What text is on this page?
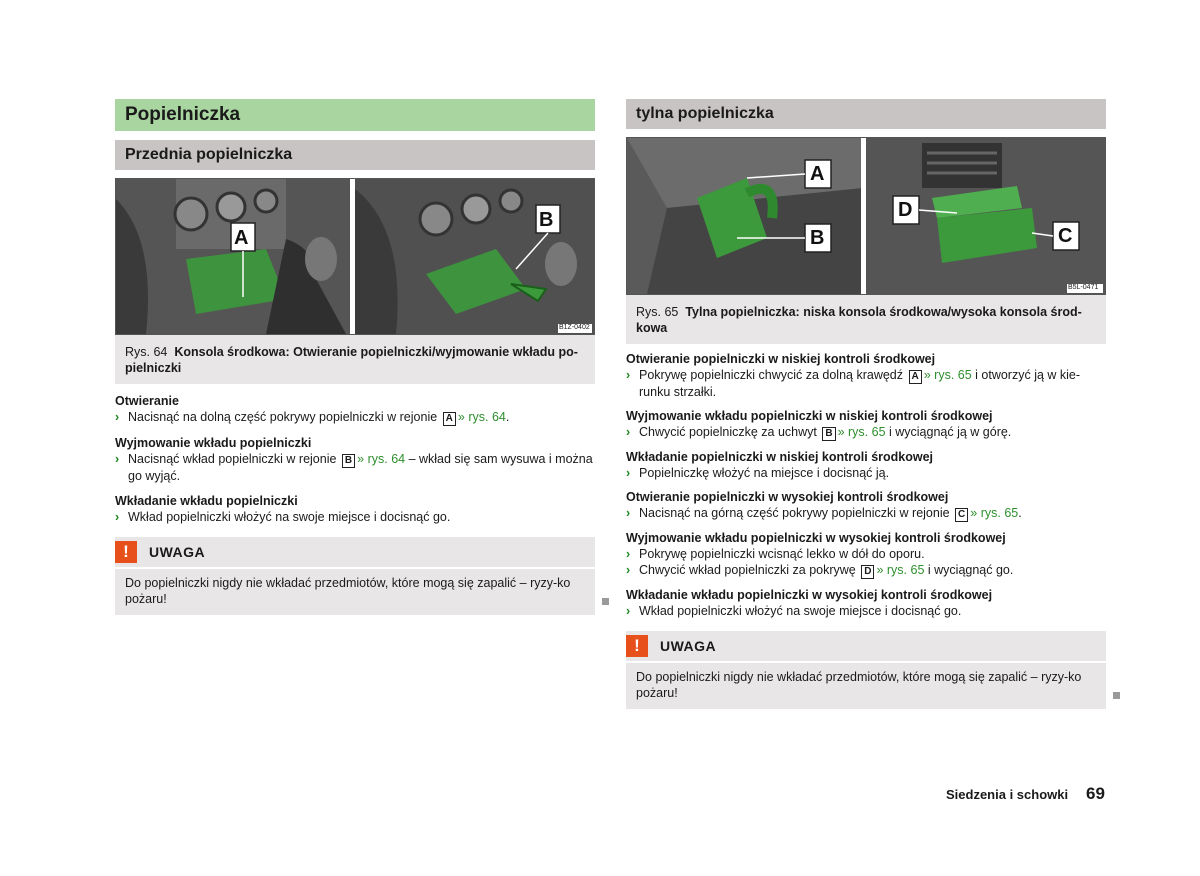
Popielniczka
Przednia popielniczka
A
B
B1Z-0402
Rys. 64 Konsola środkowa: Otwieranie popielniczki/wyjmowanie wkładu po-pielniczki
Otwieranie
› Nacisnąć na dolną część pokrywy popielniczki w rejonie A » rys. 64.
Wyjmowanie wkładu popielniczki
› Nacisnąć wkład popielniczki w rejonie B » rys. 64 – wkład się sam wysuwa i można go wyjąć.
Wkładanie wkładu popielniczki
› Wkład popielniczki włożyć na swoje miejsce i docisnąć go.
!	UWAGA
Do popielniczki nigdy nie wkładać przedmiotów, które mogą się zapalić – ryzy-ko pożaru!
tylna popielniczka
A
B
D
C
B5L-0471
Rys. 65 Tylna popielniczka: niska konsola środkowa/wysoka konsola środ-kowa
Otwieranie popielniczki w niskiej kontroli środkowej
› Pokrywę popielniczki chwycić za dolną krawędź A » rys. 65 i otworzyć ją w kie-runku strzałki.
Wyjmowanie wkładu popielniczki w niskiej kontroli środkowej
› Chwycić popielniczkę za uchwyt B » rys. 65 i wyciągnąć ją w górę.
Wkładanie popielniczki w niskiej kontroli środkowej
› Popielniczkę włożyć na miejsce i docisnąć ją.
Otwieranie popielniczki w wysokiej kontroli środkowej
› Nacisnąć na górną część pokrywy popielniczki w rejonie C » rys. 65.
Wyjmowanie wkładu popielniczki w wysokiej kontroli środkowej
› Pokrywę popielniczki wcisnąć lekko w dół do oporu.
› Chwycić wkład popielniczki za pokrywę D » rys. 65 i wyciągnąć go.
Wkładanie wkładu popielniczki w wysokiej kontroli środkowej
› Wkład popielniczki włożyć na swoje miejsce i docisnąć go.
!	UWAGA
Do popielniczki nigdy nie wkładać przedmiotów, które mogą się zapalić – ryzy-ko pożaru!
Siedzenia i schowki 69
